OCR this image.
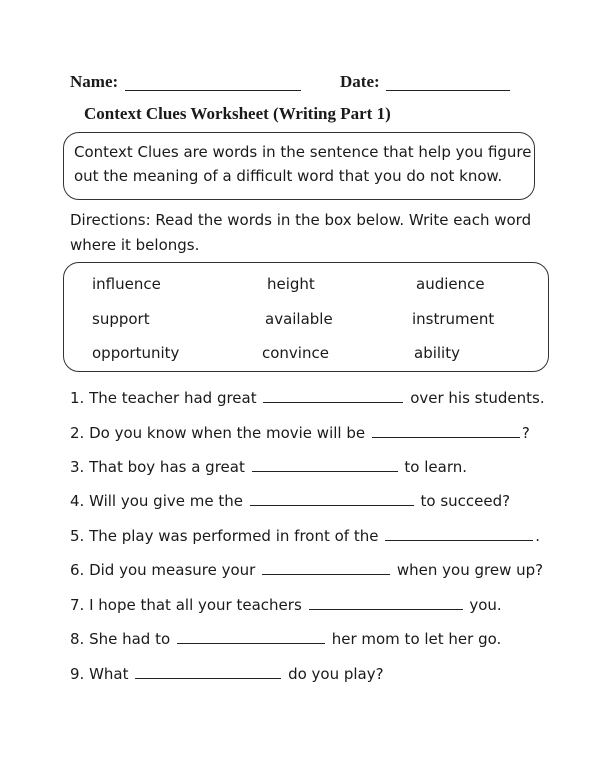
Name:	Date:
Context Clues Worksheet (Writing Part 1)
Context Clues are words in the sentence that help you figure out the meaning of a difficult word that you do not know.
Directions: Read the words in the box below. Write each word where it belongs.
influence	height	audience
support	available	instrument
opportunity	convince	ability
1. The teacher had great	over his students.
2. Do you know when the movie will be	?
3. That boy has a great	to learn.
4. Will you give me the	to succeed?
5. The play was performed in front of the	.
6. Did you measure your	when you grew up?
7. I hope that all your teachers	you.
8. She had to	her mom to let her go.
9. What	do you play?
